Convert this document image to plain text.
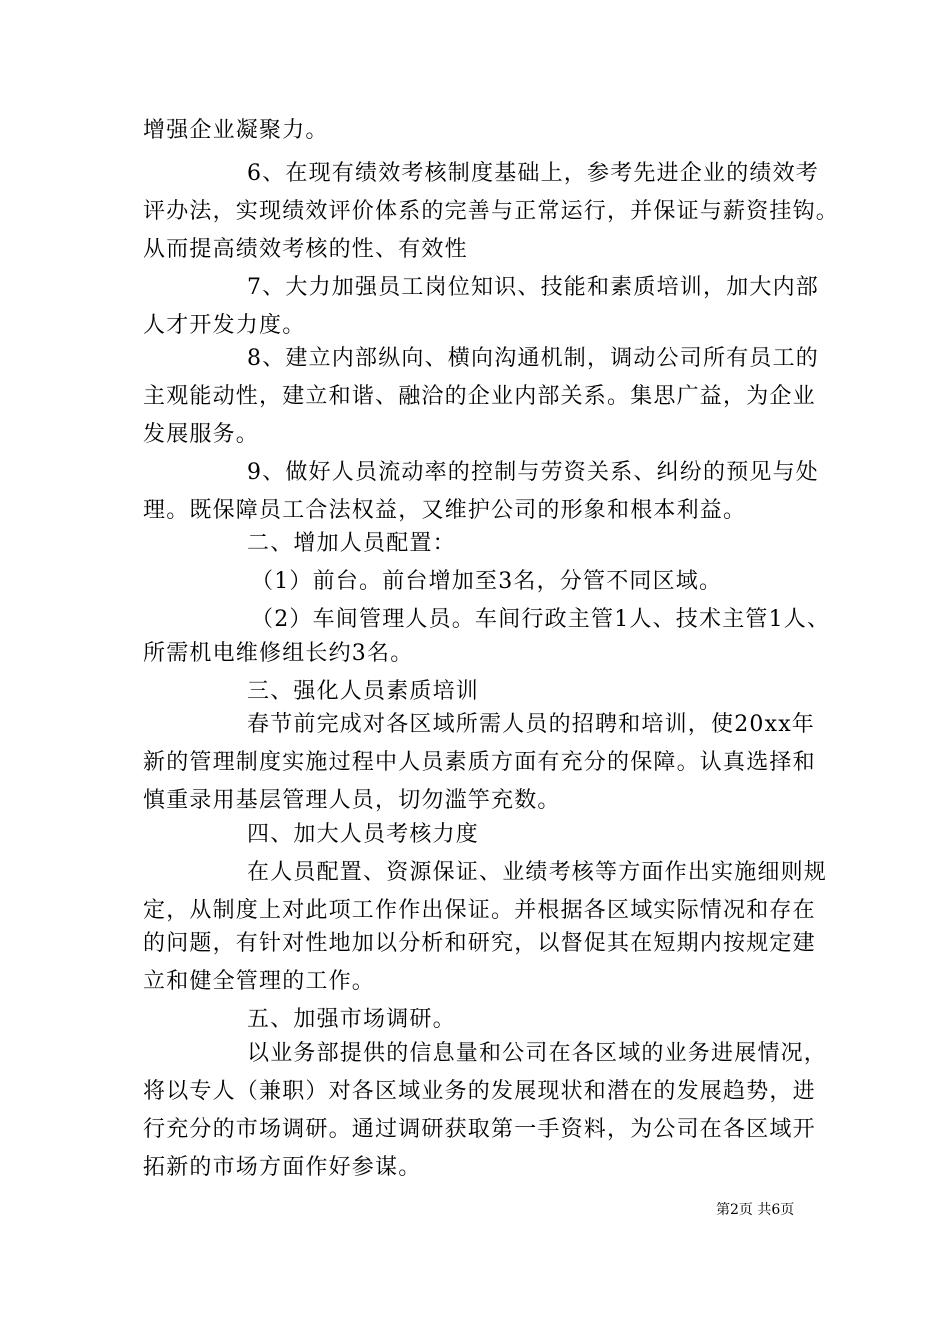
增强企业凝聚力。
6、在现有绩效考核制度基础上，参考先进企业的绩效考
评办法，实现绩效评价体系的完善与正常运行，并保证与薪资挂钩。
从而提高绩效考核的性、有效性
7、大力加强员工岗位知识、技能和素质培训，加大内部
人才开发力度。
8、建立内部纵向、横向沟通机制，调动公司所有员工的
主观能动性，建立和谐、融洽的企业内部关系。集思广益，为企业
发展服务。
9、做好人员流动率的控制与劳资关系、纠纷的预见与处
理。既保障员工合法权益，又维护公司的形象和根本利益。
二、增加人员配置：
（1）前台。前台增加至3名，分管不同区域。
（2）车间管理人员。车间行政主管1人、技术主管1人、
所需机电维修组长约3名。
三、强化人员素质培训
春节前完成对各区域所需人员的招聘和培训，使20xx年
新的管理制度实施过程中人员素质方面有充分的保障。认真选择和
慎重录用基层管理人员，切勿滥竽充数。
四、加大人员考核力度
在人员配置、资源保证、业绩考核等方面作出实施细则规
定，从制度上对此项工作作出保证。并根据各区域实际情况和存在
的问题，有针对性地加以分析和研究，以督促其在短期内按规定建
立和健全管理的工作。
五、加强市场调研。
以业务部提供的信息量和公司在各区域的业务进展情况，
将以专人（兼职）对各区域业务的发展现状和潜在的发展趋势，进
行充分的市场调研。通过调研获取第一手资料，为公司在各区域开
拓新的市场方面作好参谋。
第2页 共6页
